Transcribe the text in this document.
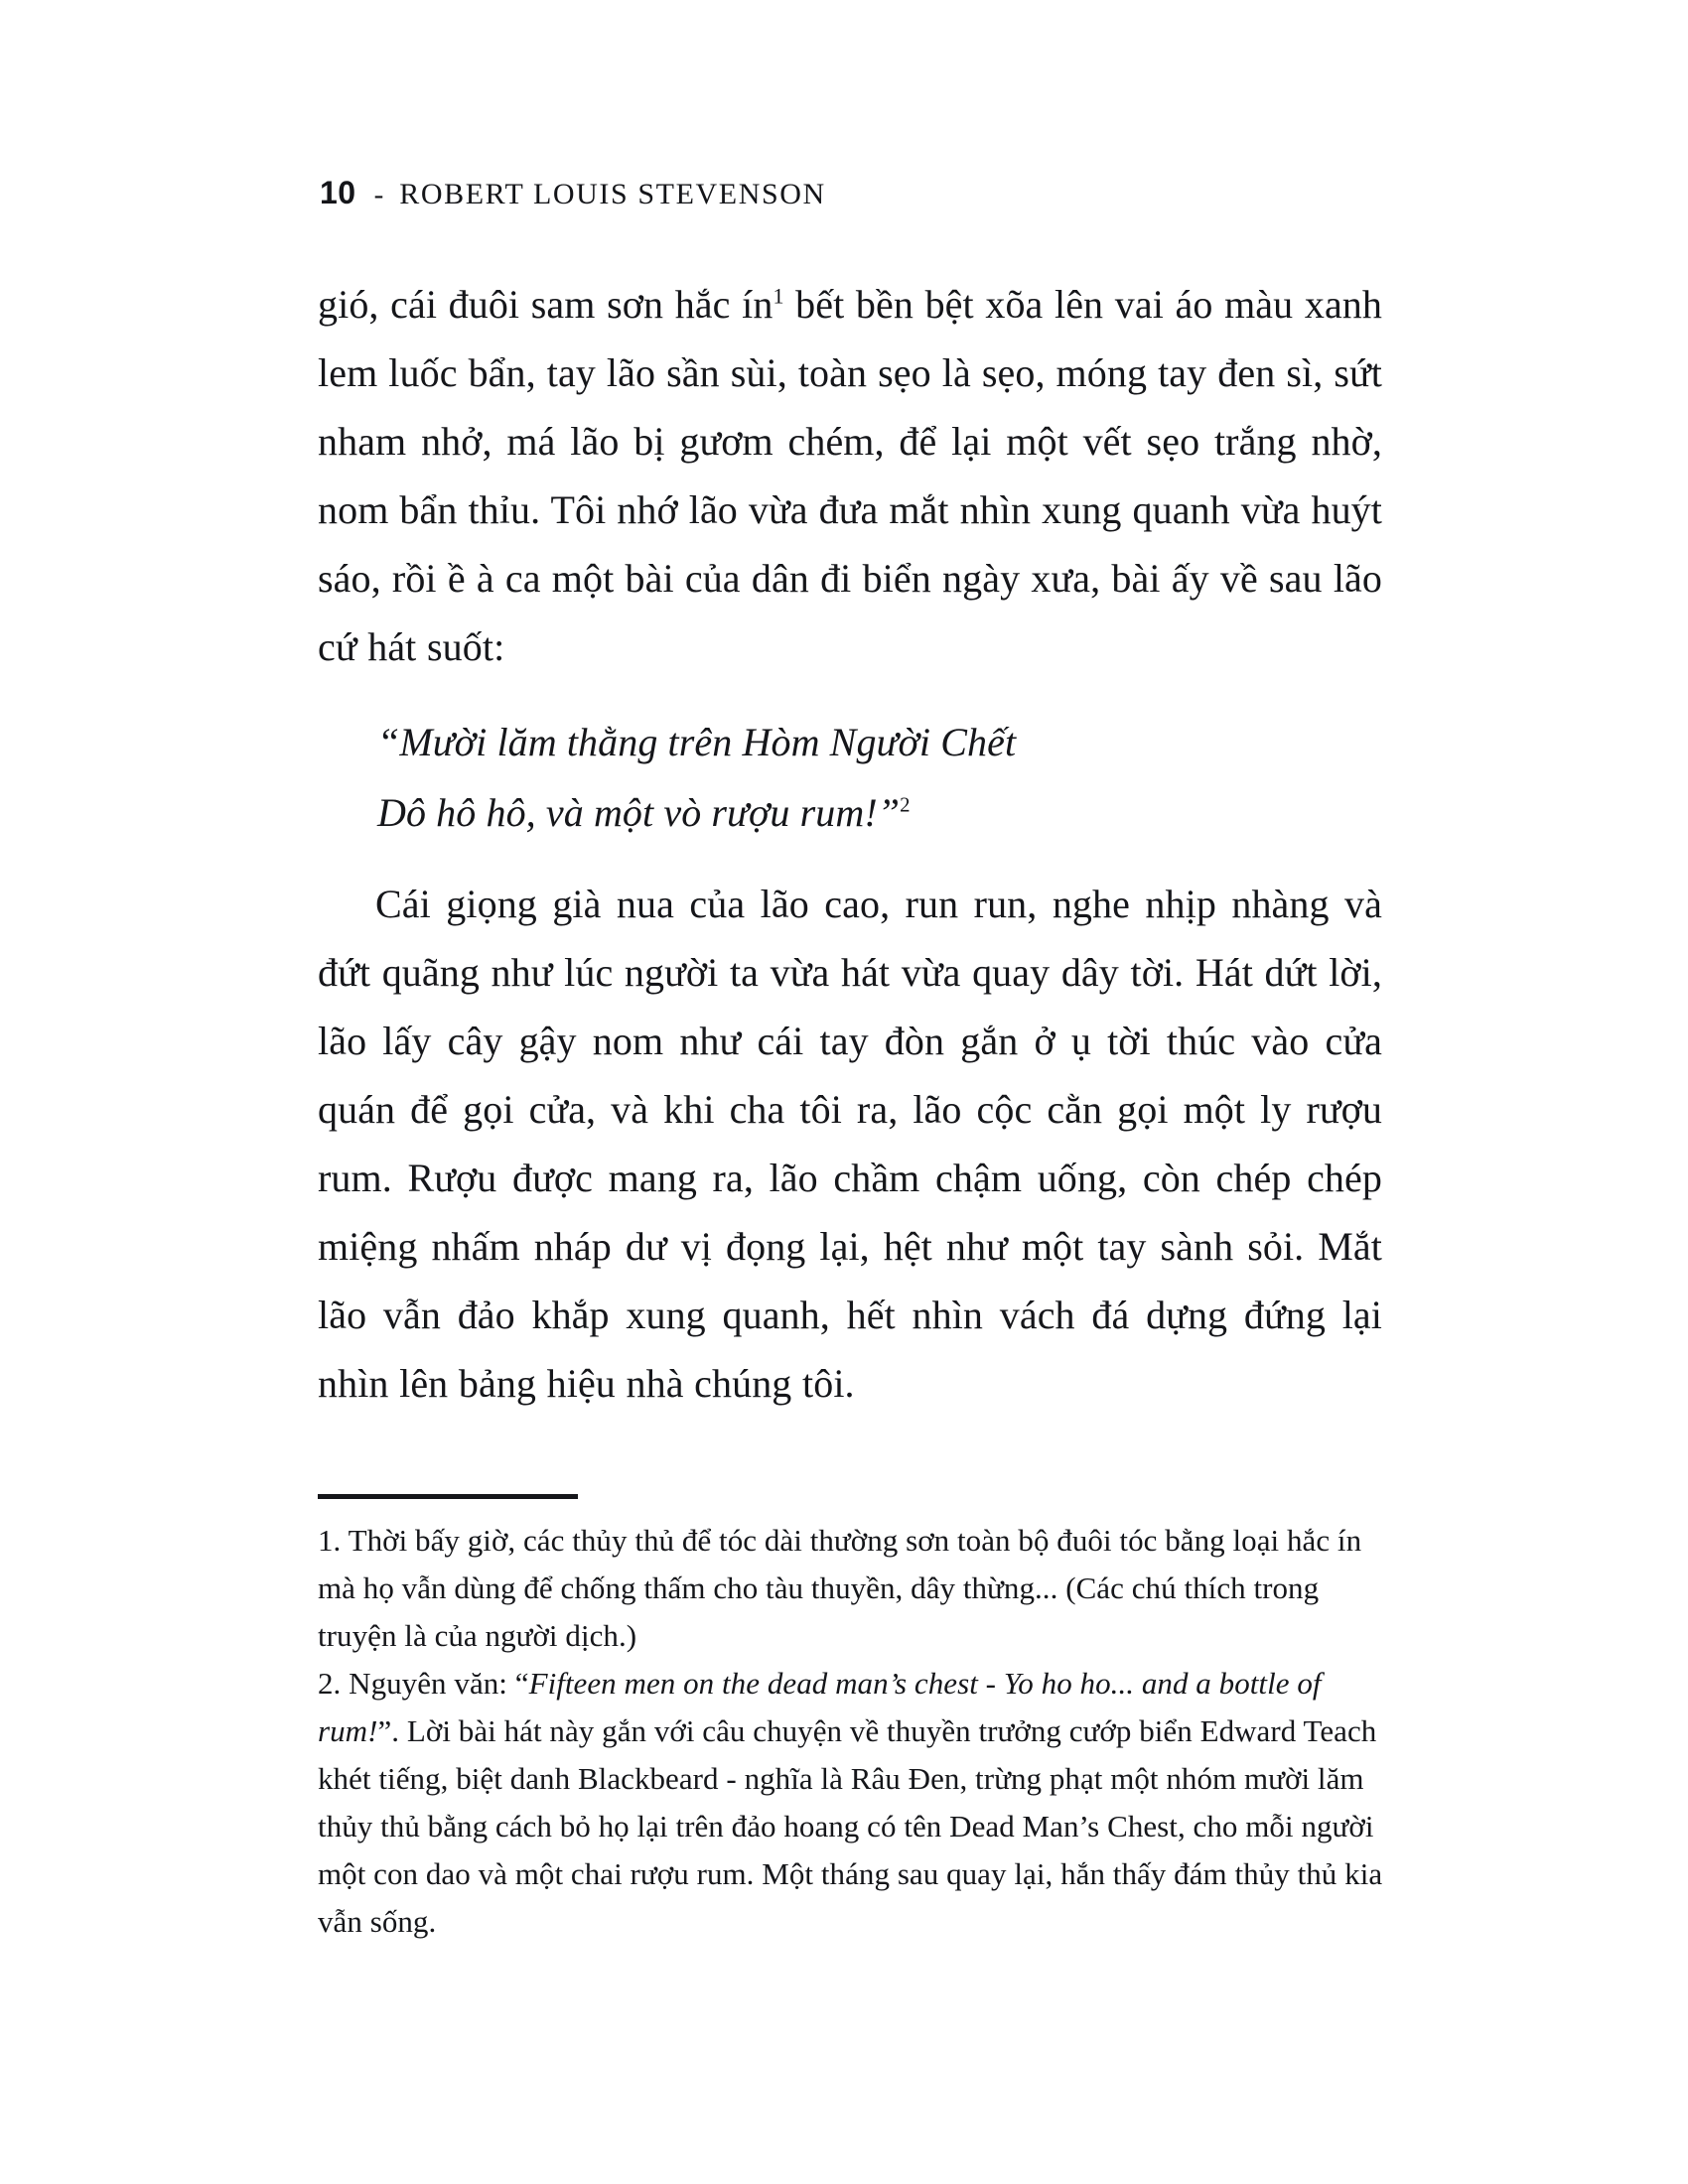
10 - ROBERT LOUIS STEVENSON

gió, cái đuôi sam sơn hắc $ín^1$ bết bền bệt xõa lên vai áo màu xanh lem luốc bẩn, tay lão sần sùi, toàn sẹo là sẹo, móng tay đen sì, sứt nham nhở, má lão bị gươm chém, để lại một vết sẹo trắng nhờ, nom bẩn thỉu. Tôi nhớ lão vừa đưa mắt nhìn xung quanh vừa huýt sáo, rồi ề à ca một bài của dân đi biển ngày xưa, bài ấy về sau lão cứ hát suốt:

“Mười lăm thằng trên Hòm Người Chết
Dô hô hô, và một vò rượu rum!”$^2$

Cái giọng già nua của lão cao, run run, nghe nhịp nhàng và đứt quãng như lúc người ta vừa hát vừa quay dây tời. Hát dứt lời, lão lấy cây gậy nom như cái tay đòn gắn ở ụ tời thúc vào cửa quán để gọi cửa, và khi cha tôi ra, lão cộc cằn gọi một ly rượu rum. Rượu được mang ra, lão chầm chậm uống, còn chép chép miệng nhấm nháp dư vị đọng lại, hệt như một tay sành sỏi. Mắt lão vẫn đảo khắp xung quanh, hết nhìn vách đá dựng đứng lại nhìn lên bảng hiệu nhà chúng tôi.

1. Thời bấy giờ, các thủy thủ để tóc dài thường sơn toàn bộ đuôi tóc bằng loại hắc ín mà họ vẫn dùng để chống thấm cho tàu thuyền, dây thừng... (Các chú thích trong truyện là của người dịch.)

2. Nguyên văn: “Fifteen men on the dead man’s chest - Yo ho ho... and a bottle of rum!”. Lời bài hát này gắn với câu chuyện về thuyền trưởng cướp biển Edward Teach khét tiếng, biệt danh Blackbeard - nghĩa là Râu Đen, trừng phạt một nhóm mười lăm thủy thủ bằng cách bỏ họ lại trên đảo hoang có tên Dead Man’s Chest, cho mỗi người một con dao và một chai rượu rum. Một tháng sau quay lại, hắn thấy đám thủy thủ kia vẫn sống.
